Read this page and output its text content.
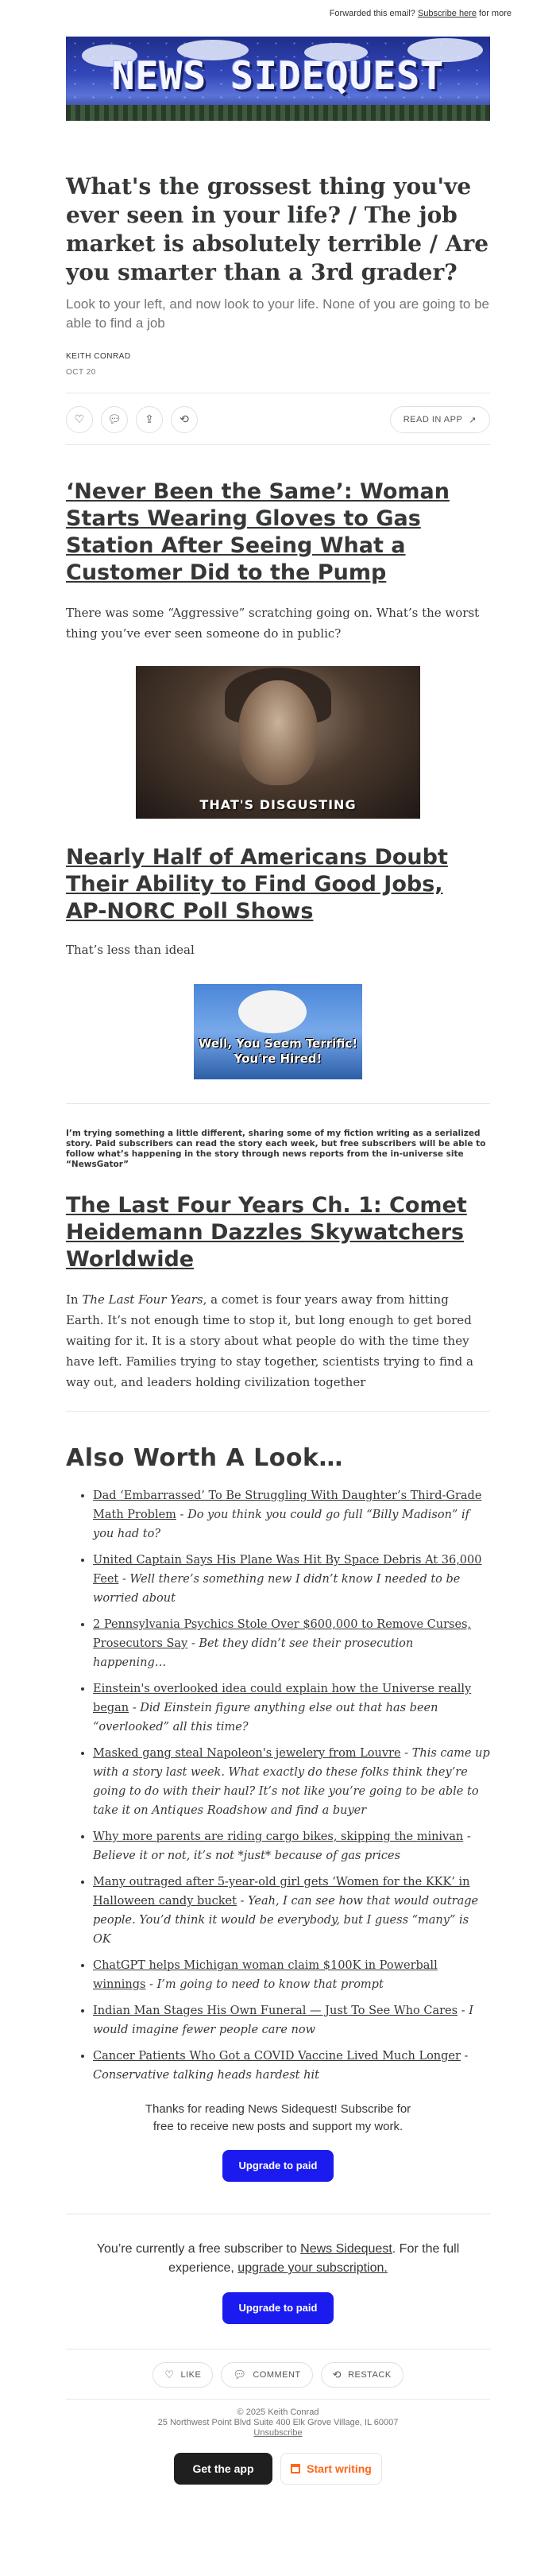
Forwarded this email? Subscribe here for more
NEWS SIDEQUEST
What's the grossest thing you've ever seen in your life? / The job market is absolutely terrible / Are you smarter than a 3rd grader?

Look to your left, and now look to your life. None of you are going to be able to find a job

KEITH CONRAD
OCT 20
♡	💬︎	⇪	⟲	READ IN APP ↗
‘Never Been the Same’: Woman Starts Wearing Gloves to Gas Station After Seeing What a Customer Did to the Pump

There was some “Aggressive” scratching going on. What’s the worst thing you’ve ever seen someone do in public?

THAT'S DISGUSTING
Nearly Half of Americans Doubt Their Ability to Find Good Jobs, AP-NORC Poll Shows

That’s less than ideal

Well, You Seem Terrific!
You're Hired!

I’m trying something a little different, sharing some of my fiction writing as a serialized story. Paid subscribers can read the story each week, but free subscribers will be able to follow what’s happening in the story through news reports from the in-universe site “NewsGator”

The Last Four Years Ch. 1: Comet Heidemann Dazzles Skywatchers Worldwide

In The Last Four Years, a comet is four years away from hitting Earth. It’s not enough time to stop it, but long enough to get bored waiting for it. It is a story about what people do with the time they have left. Families trying to stay together, scientists trying to find a way out, and leaders holding civilization together

Also Worth A Look…
• Dad ‘Embarrassed’ To Be Struggling With Daughter’s Third-Grade Math Problem - Do you think you could go full “Billy Madison” if you had to?
• United Captain Says His Plane Was Hit By Space Debris At 36,000 Feet - Well there’s something new I didn’t know I needed to be worried about
• 2 Pennsylvania Psychics Stole Over $600,000 to Remove Curses, Prosecutors Say - Bet they didn’t see their prosecution happening…
• Einstein's overlooked idea could explain how the Universe really began - Did Einstein figure anything else out that has been “overlooked” all this time?
• Masked gang steal Napoleon's jewelery from Louvre - This came up with a story last week. What exactly do these folks think they’re going to do with their haul? It’s not like you’re going to be able to take it on Antiques Roadshow and find a buyer
• Why more parents are riding cargo bikes, skipping the minivan - Believe it or not, it’s not *just* because of gas prices
• Many outraged after 5-year-old girl gets ‘Women for the KKK’ in Halloween candy bucket - Yeah, I can see how that would outrage people. You’d think it would be everybody, but I guess “many” is OK
• ChatGPT helps Michigan woman claim $100K in Powerball winnings - I’m going to need to know that prompt
• Indian Man Stages His Own Funeral — Just To See Who Cares - I would imagine fewer people care now
• Cancer Patients Who Got a COVID Vaccine Lived Much Longer - Conservative talking heads hardest hit

Thanks for reading News Sidequest! Subscribe for free to receive new posts and support my work.

Upgrade to paid

You’re currently a free subscriber to News Sidequest. For the full experience, upgrade your subscription.

Upgrade to paid
♡ LIKE	💬︎ COMMENT	⟲ RESTACK
© 2025 Keith Conrad
25 Northwest Point Blvd Suite 400 Elk Grove Village, IL 60007
Unsubscribe
Get the app	Start writing
